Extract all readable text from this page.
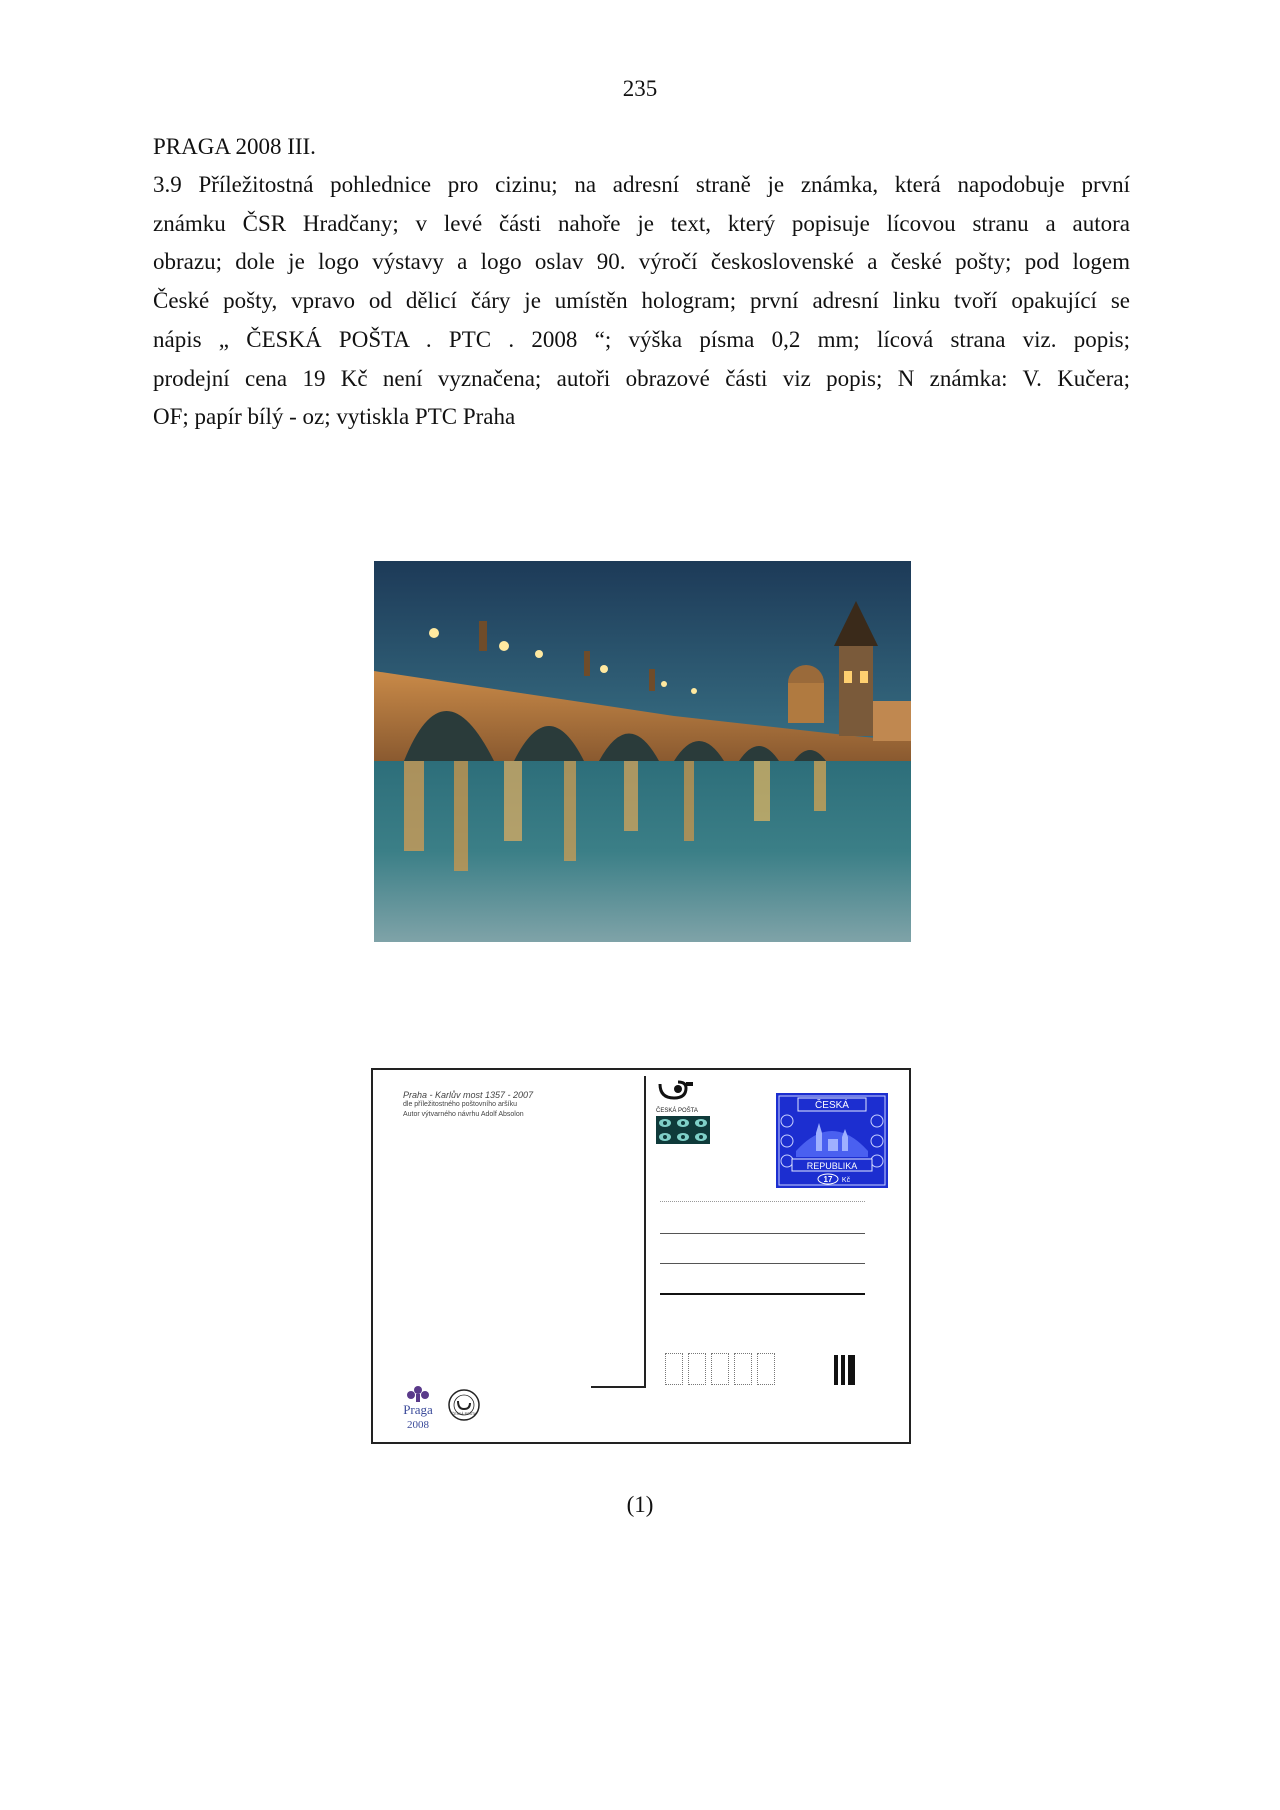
235
PRAGA 2008 III.
3.9 Příležitostná pohlednice pro cizinu; na adresní straně je známka, která napodobuje první
známku ČSR Hradčany; v levé části nahoře je text, který popisuje lícovou stranu a autora
obrazu; dole je logo výstavy a logo oslav 90. výročí československé a české pošty; pod logem
České pošty, vpravo od dělicí čáry je umístěn hologram; první adresní linku tvoří opakující se
nápis „ ČESKÁ POŠTA . PTC . 2008 “; výška písma 0,2 mm; lícová strana viz. popis;
prodejní cena 19 Kč není vyznačena; autoři obrazové části viz popis; N známka: V. Kučera;
OF; papír bílý - oz; vytiskla PTC Praha
Praha - Karlův most 1357 - 2007
dle příležitostného poštovního aršíku
Autor výtvarného návrhu Adolf Absolon	ČESKÁ POŠTA	ČESKÁ
REPUBLIKA
17 Kč
Praga
2008
ČESKÁ POŠTA
(1)
